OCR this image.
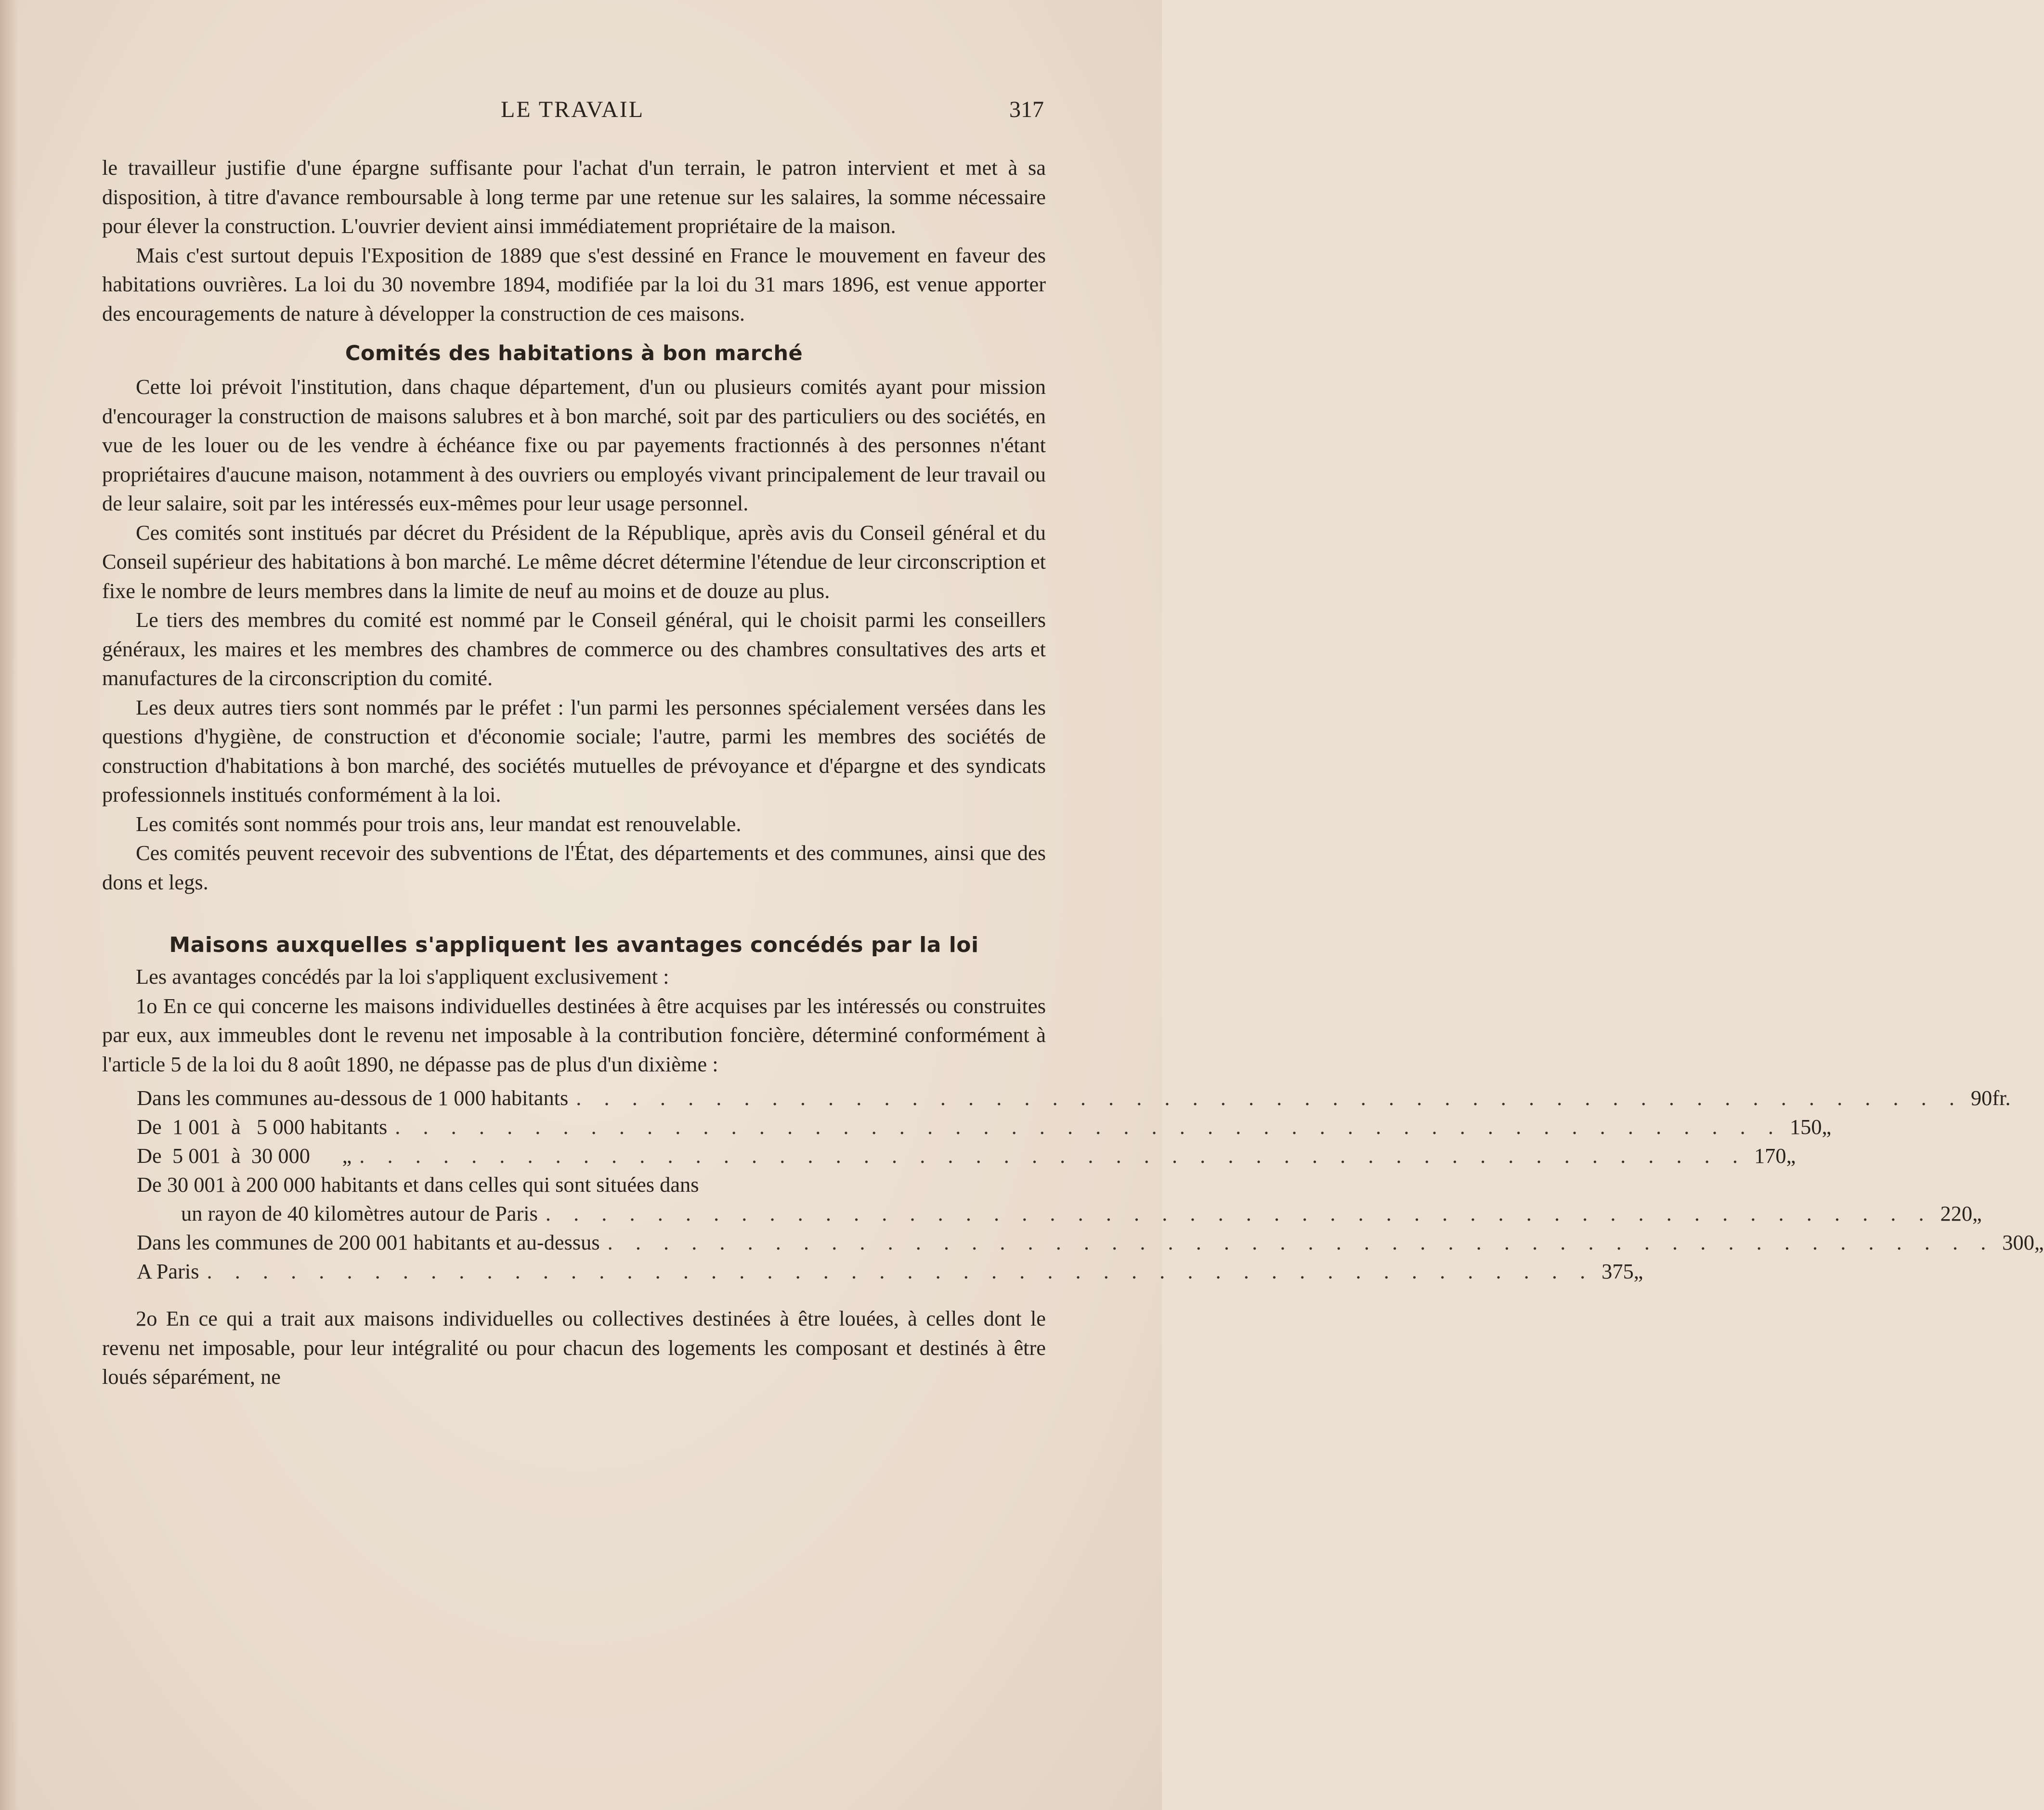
LE TRAVAIL	317

le travailleur justifie d'une épargne suffisante pour l'achat d'un terrain, le patron intervient et met à sa disposition, à titre d'avance remboursable à long terme par une retenue sur les salaires, la somme nécessaire pour élever la construction. L'ouvrier devient ainsi immédiatement propriétaire de la maison.

Mais c'est surtout depuis l'Exposition de 1889 que s'est dessiné en France le mouvement en faveur des habitations ouvrières. La loi du 30 novembre 1894, modifiée par la loi du 31 mars 1896, est venue apporter des encouragements de nature à développer la construction de ces maisons.

Comités des habitations à bon marché

Cette loi prévoit l'institution, dans chaque département, d'un ou plusieurs comités ayant pour mission d'encourager la construction de maisons salubres et à bon marché, soit par des particuliers ou des sociétés, en vue de les louer ou de les vendre à échéance fixe ou par payements fractionnés à des personnes n'étant propriétaires d'aucune maison, notamment à des ouvriers ou employés vivant principalement de leur travail ou de leur salaire, soit par les intéressés eux-mêmes pour leur usage personnel.

Ces comités sont institués par décret du Président de la République, après avis du Conseil général et du Conseil supérieur des habitations à bon marché. Le même décret détermine l'étendue de leur circonscription et fixe le nombre de leurs membres dans la limite de neuf au moins et de douze au plus.

Le tiers des membres du comité est nommé par le Conseil général, qui le choisit parmi les conseillers généraux, les maires et les membres des chambres de commerce ou des chambres consultatives des arts et manufactures de la circonscription du comité.

Les deux autres tiers sont nommés par le préfet : l'un parmi les personnes spécialement versées dans les questions d'hygiène, de construction et d'économie sociale; l'autre, parmi les membres des sociétés de construction d'habitations à bon marché, des sociétés mutuelles de prévoyance et d'épargne et des syndicats professionnels institués conformément à la loi.

Les comités sont nommés pour trois ans, leur mandat est renouvelable.

Ces comités peuvent recevoir des subventions de l'État, des départements et des communes, ainsi que des dons et legs.

Maisons auxquelles s'appliquent les avantages concédés par la loi

Les avantages concédés par la loi s'appliquent exclusivement :

1o En ce qui concerne les maisons individuelles destinées à être acquises par les intéressés ou construites par eux, aux immeubles dont le revenu net imposable à la contribution foncière, déterminé conformément à l'article 5 de la loi du 8 août 1890, ne dépasse pas de plus d'un dixième :

Dans les communes au-dessous de 1 000 habitants . . . . . . . . . . . . . . . . . . . . . . . . . . . . . . . . . . . . . . . . . . . . . . . . . . 90 fr.
De  1 001  à   5 000 habitants . . . . . . . . . . . . . . . . . . . . . . . . . . . . . . . . . . . . . . . . . . . . . . . . . . 150 „
De  5 001  à  30 000      „ . . . . . . . . . . . . . . . . . . . . . . . . . . . . . . . . . . . . . . . . . . . . . . . . . . 170 „
De 30 001 à 200 000 habitants et dans celles qui sont situées dans
un rayon de 40 kilomètres autour de Paris . . . . . . . . . . . . . . . . . . . . . . . . . . . . . . . . . . . . . . . . . . . . . . . . . . 220 „
Dans les communes de 200 001 habitants et au-dessus . . . . . . . . . . . . . . . . . . . . . . . . . . . . . . . . . . . . . . . . . . . . . . . . . . 300 „
A Paris . . . . . . . . . . . . . . . . . . . . . . . . . . . . . . . . . . . . . . . . . . . . . . . . . . 375 „

2o En ce qui a trait aux maisons individuelles ou collectives destinées à être louées, à celles dont le revenu net imposable, pour leur intégralité ou pour chacun des logements les composant et destinés à être loués séparément, ne
